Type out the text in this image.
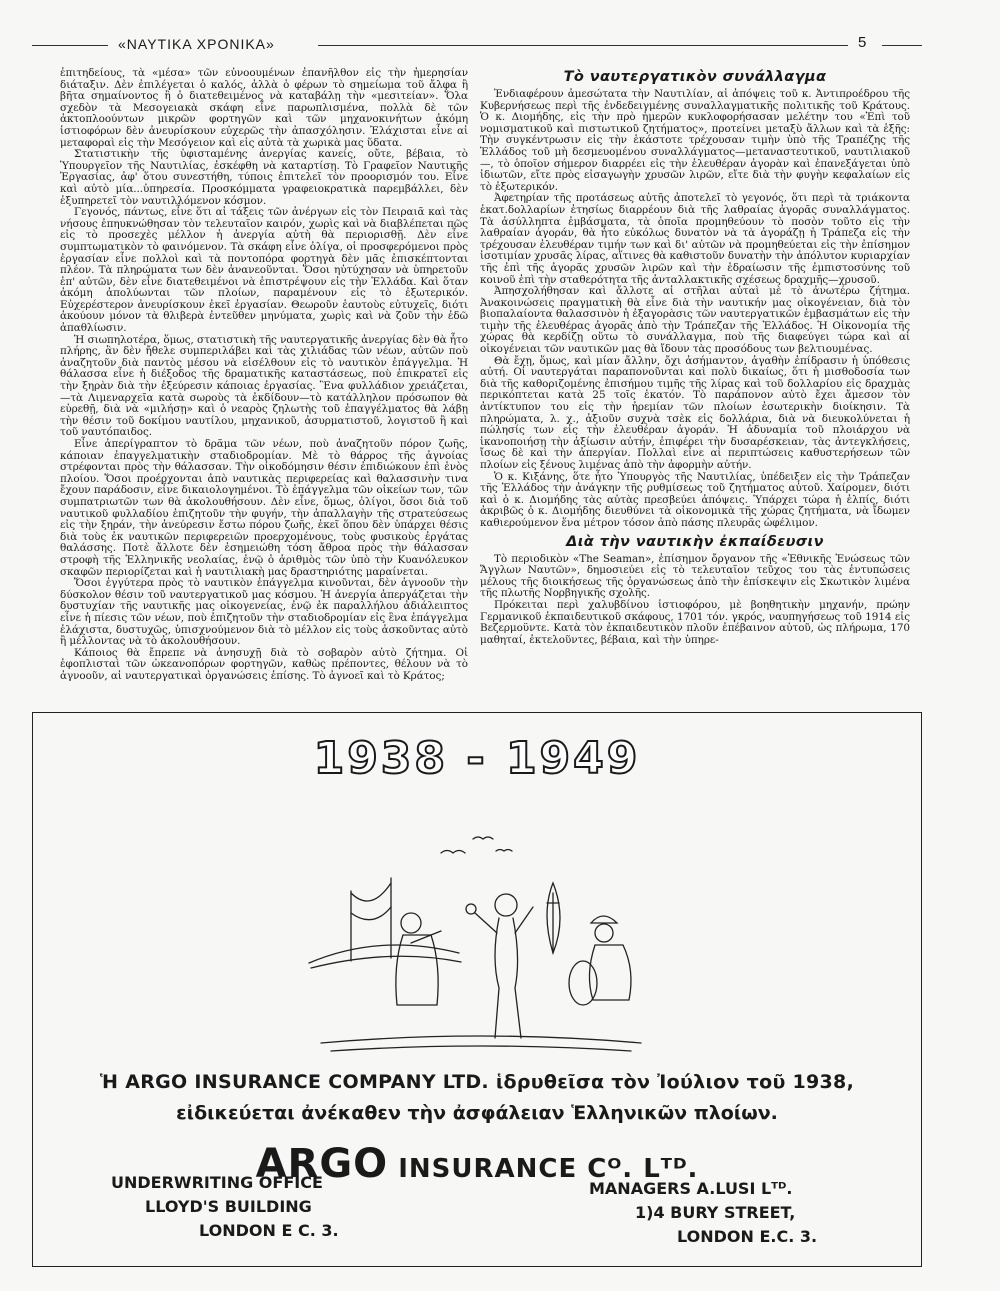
«ΝΑΥΤΙΚΑ ΧΡΟΝΙΚΑ»	5

ἐπιτηδείους, τὰ «μέσα» τῶν εὐνοουμένων ἐπανῆλθον εἰς τὴν ἡμερησίαν διάταξιν. Δὲν ἐπιλέγεται ὁ καλός, ἀλλὰ ὁ φέρων τὸ σημείωμα τοῦ ἄλφα ἢ βῆτα σημαίνοντος ἢ ὁ διατεθειμένος νὰ καταβάλῃ τὴν «μεσιτείαν». Ὅλα σχεδὸν τὰ Μεσογειακὰ σκάφη εἶνε παρωπλισμένα, πολλὰ δὲ τῶν ἀκτοπλοούντων μικρῶν φορτηγῶν καὶ τῶν μηχανοκινήτων ἀκόμη ἱστιοφόρων δὲν ἀνευρίσκουν εὐχερῶς τὴν ἀπασχόλησιν. Ἐλάχισται εἶνε αἱ μεταφοραὶ εἰς τὴν Μεσόγειον καὶ εἰς αὐτὰ τὰ χωρικὰ μας ὕδατα.

Στατιστικὴν τῆς ὑφισταμένης ἀνεργίας κανείς, οὔτε, βέβαια, τὸ Ὑπουργεῖον τῆς Ναυτιλίας, ἐσκέφθη νὰ καταρτίσῃ. Τὸ Γραφεῖον Ναυτικῆς Ἐργασίας, ἀφ' ὅτου συνεστήθη, τύποις ἐπιτελεῖ τὸν προορισμόν του. Εἶνε καὶ αὐτὸ μία...ὑπηρεσία. Προσκόμματα γραφειοκρατικὰ παρεμβάλλει, δὲν ἐξυπηρετεῖ τὸν ναυτιλλόμενον κόσμον.

Γεγονός, πάντως, εἶνε ὅτι αἱ τάξεις τῶν ἀνέργων εἰς τὸν Πειραιᾶ καὶ τὰς νήσους ἐπηυκνώθησαν τὸν τελευταῖον καιρόν, χωρὶς καὶ νὰ διαβλέπεται πῶς εἰς τὸ προσεχὲς μέλλον ἡ ἀνεργία αὐτὴ θὰ περιορισθῇ. Δὲν εἶνε συμπτωματικὸν τὸ φαινόμενον. Τὰ σκάφη εἶνε ὀλίγα, οἱ προσφερόμενοι πρὸς ἐργασίαν εἶνε πολλοὶ καὶ τὰ ποντοπόρα φορτηγὰ δὲν μᾶς ἐπισκέπτονται πλέον. Τὰ πληρώματα των δὲν ἀνανεοῦνται. Ὅσοι ηὐτύχησαν νὰ ὑπηρετοῦν ἐπ' αὐτῶν, δὲν εἶνε διατεθειμένοι νὰ ἐπιστρέψουν εἰς τὴν Ἑλλάδα. Καὶ ὅταν ἀκόμη ἀπολύωνται τῶν πλοίων, παραμένουν εἰς τὸ ἐξωτερικόν. Εὐχερέστερον ἀνευρίσκουν ἐκεῖ ἐργασίαν. Θεωροῦν ἑαυτοὺς εὐτυχεῖς, διότι ἀκούουν μόνον τὰ θλιβερὰ ἐντεῦθεν μηνύματα, χωρὶς καὶ νὰ ζοῦν τὴν ἐδῶ ἀπαθλίωσιν.

Ἡ σιωπηλοτέρα, ὅμως, στατιστικὴ τῆς ναυτεργατικῆς ἀνεργίας δὲν θὰ ἦτο πλήρης, ἂν δὲν ἤθελε συμπεριλάβει καὶ τὰς χιλιάδας τῶν νέων, αὐτῶν ποὺ ἀναζητοῦν διὰ παντὸς μέσου νὰ εἰσέλθουν εἰς τὸ ναυτικὸν ἐπάγγελμα. Ἡ θάλασσα εἶνε ἡ διέξοδος τῆς δραματικῆς καταστάσεως, ποὺ ἐπικρατεῖ εἰς τὴν ξηρὰν διὰ τὴν ἐξεύρεσιν κάποιας ἐργασίας. Ἓνα φυλλάδιον χρειάζεται,—τὰ Λιμεναρχεῖα κατὰ σωροὺς τὰ ἐκδίδουν—τὸ κατάλληλον πρόσωπον θὰ εὑρεθῇ, διὰ νὰ «μιλήσῃ» καὶ ὁ νεαρὸς ζηλωτὴς τοῦ ἐπαγγέλματος θὰ λάβῃ τὴν θέσιν τοῦ δοκίμου ναυτίλου, μηχανικοῦ, ἀσυρματιστοῦ, λογιστοῦ ἢ καὶ τοῦ ναυτόπαιδος.

Εἶνε ἀπερίγραπτον τὸ δρᾶμα τῶν νέων, ποὺ ἀναζητοῦν πόρον ζωῆς, κάποιαν ἐπαγγελματικὴν σταδιοδρομίαν. Μὲ τὸ θάρρος τῆς ἀγνοίας στρέφονται πρὸς τὴν θάλασσαν. Τὴν οἰκοδόμησιν θέσιν ἐπιδιώκουν ἐπὶ ἑνὸς πλοίου. Ὅσοι προέρχονται ἀπὸ ναυτικὰς περιφερείας καὶ θαλασσινὴν τινα ἔχουν παράδοσιν, εἶνε δικαιολογημένοι. Τὸ ἐπάγγελμα τῶν οἰκείων των, τῶν συμπατριωτῶν των θὰ ἀκολουθήσουν. Δὲν εἶνε, ὅμως, ὀλίγοι, ὅσοι διὰ τοῦ ναυτικοῦ φυλλαδίου ἐπιζητοῦν τὴν φυγήν, τὴν ἀπαλλαγὴν τῆς στρατεύσεως εἰς τὴν ξηράν, τὴν ἀνεύρεσιν ἔστω πόρου ζωῆς, ἐκεῖ ὅπου δὲν ὑπάρχει θέσις διὰ τοὺς ἐκ ναυτικῶν περιφερειῶν προερχομένους, τοὺς φυσικοὺς ἐργάτας θαλάσσης. Ποτὲ ἄλλοτε δὲν ἐσημειώθη τόση ἄθροα πρὸς τὴν θάλασσαν στροφὴ τῆς Ἑλληνικῆς νεολαίας, ἐνῷ ὁ ἀριθμὸς τῶν ὑπὸ τὴν Κυανόλευκον σκαφῶν περιορίζεται καὶ ἡ ναυτιλιακὴ μας δραστηριότης μαραίνεται.

Ὅσοι ἐγγύτερα πρὸς τὸ ναυτικὸν ἐπάγγελμα κινοῦνται, δὲν ἀγνοοῦν τὴν δύσκολον θέσιν τοῦ ναυτεργατικοῦ μας κόσμου. Ἡ ἀνεργία ἀπεργάζεται τὴν δυστυχίαν τῆς ναυτικῆς μας οἰκογενείας, ἐνῷ ἐκ παραλλήλου ἀδιάλειπτος εἶνε ἡ πίεσις τῶν νέων, ποὺ ἐπιζητοῦν τὴν σταδιοδρομίαν εἰς ἓνα ἐπάγγελμα ἐλάχιστα, δυστυχῶς, ὑπισχνούμενον διὰ τὸ μέλλον εἰς τοὺς ἀσκοῦντας αὐτὸ ἢ μέλλοντας νὰ τὸ ἀκολουθήσουν.

Κάποιος θὰ ἔπρεπε νὰ ἀνησυχῇ διὰ τὸ σοβαρὸν αὐτὸ ζήτημα. Οἱ ἐφοπλισταὶ τῶν ὠκεανοπόρων φορτηγῶν, καθὼς πρέποντες, θέλουν νὰ τὸ ἀγνοοῦν, αἱ ναυτεργατικαὶ ὀργανώσεις ἐπίσης. Τὸ ἀγνοεῖ καὶ τὸ Κράτος;

Τὸ ναυτεργατικὸν συνάλλαγμα

Ἐνδιαφέρουν ἀμεσώτατα τὴν Ναυτιλίαν, αἱ ἀπόψεις τοῦ κ. Ἀντιπροέδρου τῆς Κυβερνήσεως περὶ τῆς ἐνδεδειγμένης συναλλαγματικῆς πολιτικῆς τοῦ Κράτους. Ὁ κ. Διομήδης, εἰς τὴν πρὸ ἡμερῶν κυκλοφορήσασαν μελέτην του «Ἐπὶ τοῦ νομισματικοῦ καὶ πιστωτικοῦ ζητήματος», προτείνει μεταξὺ ἄλλων καὶ τὰ ἑξῆς: Τὴν συγκέντρωσιν εἰς τὴν ἑκάστοτε τρέχουσαν τιμὴν ὑπὸ τῆς Τραπέζης τῆς Ἑλλάδος τοῦ μὴ δεσμευομένου συναλλάγματος—μεταναστευτικοῦ, ναυτιλιακοῦ—, τὸ ὁποῖον σήμερον διαρρέει εἰς τὴν ἐλευθέραν ἀγορὰν καὶ ἐπανεξάγεται ὑπὸ ἰδιωτῶν, εἴτε πρὸς εἰσαγωγὴν χρυσῶν λιρῶν, εἴτε διὰ τὴν φυγὴν κεφαλαίων εἰς τὸ ἐξωτερικόν.

Ἀφετηρίαν τῆς προτάσεως αὐτῆς ἀποτελεῖ τὸ γεγονός, ὅτι περὶ τὰ τριάκοντα ἑκατ.δολλαρίων ἐτησίως διαρρέουν διὰ τῆς λαθραίας ἀγορᾶς συναλλάγματος. Τὰ ἀσύλληπτα ἐμβάσματα, τὰ ὁποῖα προμηθεύουν τὸ ποσὸν τοῦτο εἰς τὴν λαθραίαν ἀγοράν, θὰ ἦτο εὐκόλως δυνατὸν νὰ τὰ ἀγοράζῃ ἡ Τράπεζα εἰς τὴν τρέχουσαν ἐλευθέραν τιμήν των καὶ δι' αὐτῶν νὰ προμηθεύεται εἰς τὴν ἐπίσημον ἰσοτιμίαν χρυσᾶς λίρας, αἵτινες θὰ καθιστοῦν δυνατὴν τὴν ἀπόλυτον κυριαρχίαν τῆς ἐπὶ τῆς ἀγορᾶς χρυσῶν λιρῶν καὶ τὴν ἑδραίωσιν τῆς ἐμπιστοσύνης τοῦ κοινοῦ ἐπὶ τὴν σταθερότητα τῆς ἀνταλλακτικῆς σχέσεως δραχμῆς—χρυσοῦ.

Ἀπησχολήθησαν καὶ ἄλλοτε αἱ στῆλαι αὐταὶ μὲ τὸ ἀνωτέρω ζήτημα. Ἀνακοινώσεις πραγματικὴ θὰ εἶνε διὰ τὴν ναυτικήν μας οἰκογένειαν, διὰ τὸν βιοπαλαίοντα θαλασσινὸν ἡ ἐξαγορὰσις τῶν ναυτεργατικῶν ἐμβασμάτων εἰς τὴν τιμὴν τῆς ἐλευθέρας ἀγορᾶς ἀπὸ τὴν Τράπεζαν τῆς Ἑλλάδος. Ἡ Οἰκονομία τῆς χώρας θὰ κερδίζῃ οὕτω τὸ συνάλλαγμα, ποὺ τῆς διαφεύγει τώρα καὶ αἱ οἰκογένειαι τῶν ναυτικῶν μας θὰ ἴδουν τὰς προσόδους των βελτιουμένας.

Θὰ ἔχῃ, ὅμως, καὶ μίαν ἄλλην, ὄχι ἀσήμαντον, ἀγαθὴν ἐπίδρασιν ἡ ὑπόθεσις αὐτή. Οἱ ναυτεργάται παραπονοῦνται καὶ πολὺ δικαίως, ὅτι ἡ μισθοδοσία των διὰ τῆς καθοριζομένης ἐπισήμου τιμῆς τῆς λίρας καὶ τοῦ δολλαρίου εἰς δραχμὰς περικόπτεται κατὰ 25 τοῖς ἑκατόν. Τὸ παράπονον αὐτὸ ἔχει ἄμεσον τὸν ἀντίκτυπον του εἰς τὴν ἠρεμίαν τῶν πλοίων ἐσωτερικὴν διοίκησιν. Τὰ πληρώματα, λ. χ., ἀξιοῦν συχνὰ τσὲκ εἰς δολλάρια, διὰ νὰ διευκολύνεται ἡ πώλησίς των εἰς τὴν ἐλευθέραν ἀγοράν. Ἡ ἀδυναμία τοῦ πλοιάρχου νὰ ἱκανοποιήσῃ τὴν ἀξίωσιν αὐτήν, ἐπιφέρει τὴν δυσαρέσκειαν, τὰς ἀντεγκλήσεις, ἴσως δὲ καὶ τὴν ἀπεργίαν. Πολλαὶ εἶνε αἱ περιπτώσεις καθυστερήσεων τῶν πλοίων εἰς ξένους λιμένας ἀπὸ τὴν ἀφορμὴν αὐτήν.

Ὁ κ. Κιξάνης, ὅτε ἦτο Ὑπουργὸς τῆς Ναυτιλίας, ὑπέδειξεν εἰς τὴν Τράπεζαν τῆς Ἑλλάδος τὴν ἀνάγκην τῆς ρυθμίσεως τοῦ ζητήματος αὐτοῦ. Χαίρομεν, διότι καὶ ὁ κ. Διομήδης τὰς αὐτὰς πρεσβεύει ἀπόψεις. Ὑπάρχει τώρα ἡ ἐλπίς, διότι ἀκριβῶς ὁ κ. Διομήδης διευθύνει τὰ οἰκονομικὰ τῆς χώρας ζητήματα, νὰ ἴδωμεν καθιερούμενον ἕνα μέτρον τόσον ἀπὸ πάσης πλευρᾶς ὠφέλιμον.

Διὰ τὴν ναυτικὴν ἐκπαίδευσιν

Τὸ περιοδικὸν «The Seaman», ἐπίσημον ὄργανον τῆς «Ἐθνικῆς Ἑνώσεως τῶν Ἄγγλων Ναυτῶν», δημοσιεύει εἰς τὸ τελευταῖον τεῦχος του τὰς ἐντυπώσεις μέλους τῆς διοικήσεως τῆς ὀργανώσεως ἀπὸ τὴν ἐπίσκεψιν εἰς Σκωτικὸν λιμένα τῆς πλωτῆς Νορβηγικῆς σχολῆς.

Πρόκειται περὶ χαλυβδίνου ἱστιοφόρου, μὲ βοηθητικὴν μηχανήν, πρώην Γερμανικοῦ ἐκπαιδευτικοῦ σκάφους, 1701 τόν. γκρός, ναυπηγήσεως τοῦ 1914 εἰς Βεζερμοϋντε. Κατὰ τὸν ἐκπαιδευτικὸν πλοῦν ἐπέβαινον αὐτοῦ, ὡς πλήρωμα, 170 μαθηταί, ἐκτελοῦντες, βέβαια, καὶ τὴν ὑπηρε-

1938 - 1949
Ἡ ARGO INSURANCE COMPANY LTD. ἱδρυθεῖσα τὸν Ἰούλιον τοῦ 1938,
εἰδικεύεται ἀνέκαθεν τὴν ἀσφάλειαν Ἑλληνικῶν πλοίων.
ARGO INSURANCE Cᴼ. Lᵀᴰ.
UNDERWRITING OFFICE
LLOYD'S BUILDING
LONDON E C. 3.
MANAGERS A.LUSI Lᵀᴰ.
1)4 BURY STREET,
LONDON E.C. 3.
